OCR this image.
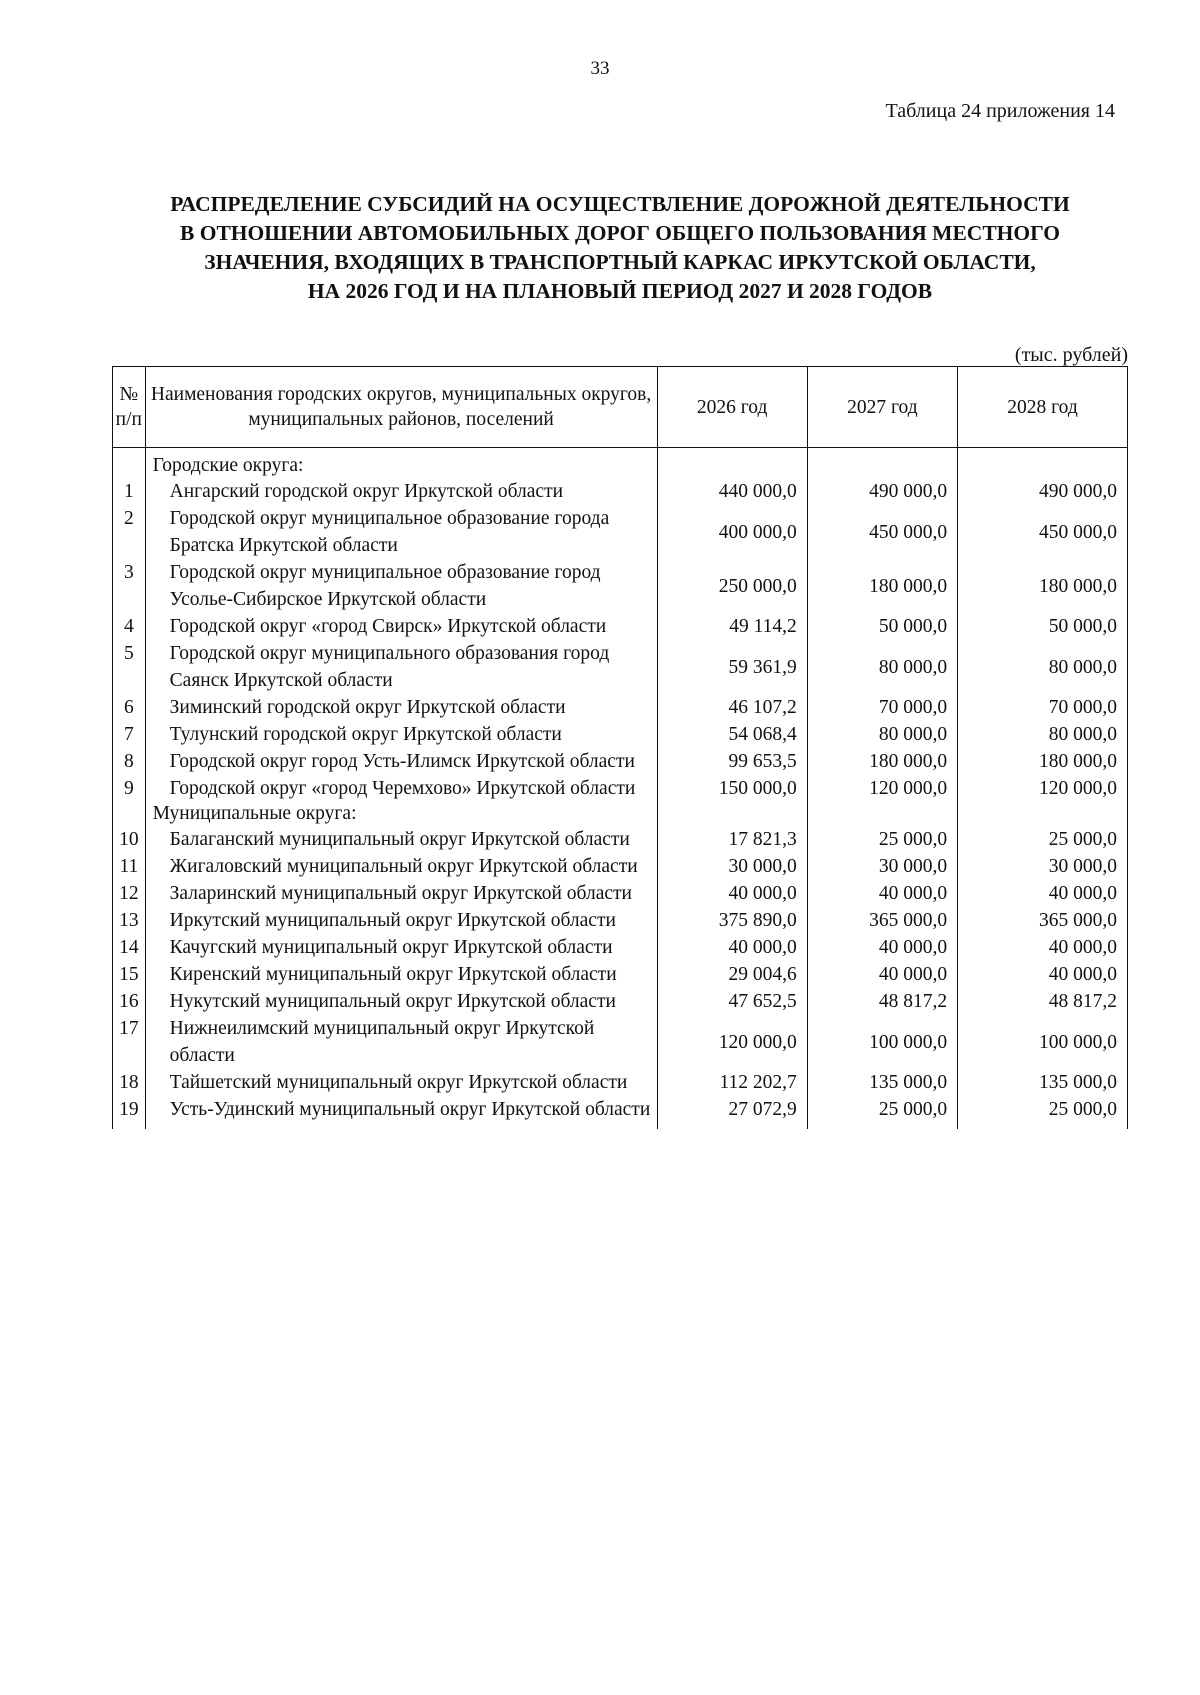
33
Таблица 24 приложения 14
РАСПРЕДЕЛЕНИЕ СУБСИДИЙ НА ОСУЩЕСТВЛЕНИЕ ДОРОЖНОЙ ДЕЯТЕЛЬНОСТИ
В ОТНОШЕНИИ АВТОМОБИЛЬНЫХ ДОРОГ ОБЩЕГО ПОЛЬЗОВАНИЯ МЕСТНОГО
ЗНАЧЕНИЯ, ВХОДЯЩИХ В ТРАНСПОРТНЫЙ КАРКАС ИРКУТСКОЙ ОБЛАСТИ,
НА 2026 ГОД И НА ПЛАНОВЫЙ ПЕРИОД 2027 И 2028 ГОДОВ
(тыс. рублей)
№ п/п	Наименования городских округов, муниципальных округов, муниципальных районов, поселений	2026 год	2027 год	2028 год
	Городские округа:			
1	Ангарский городской округ Иркутской области	440 000,0	490 000,0	490 000,0
2	Городской округ муниципальное образование города Братска Иркутской области	400 000,0	450 000,0	450 000,0
3	Городской округ муниципальное образование город Усолье-Сибирское Иркутской области	250 000,0	180 000,0	180 000,0
4	Городской округ «город Свирск» Иркутской области	49 114,2	50 000,0	50 000,0
5	Городской округ муниципального образования город Саянск Иркутской области	59 361,9	80 000,0	80 000,0
6	Зиминский городской округ Иркутской области	46 107,2	70 000,0	70 000,0
7	Тулунский городской округ Иркутской области	54 068,4	80 000,0	80 000,0
8	Городской округ город Усть-Илимск Иркутской области	99 653,5	180 000,0	180 000,0
9	Городской округ «город Черемхово» Иркутской области	150 000,0	120 000,0	120 000,0
	Муниципальные округа:			
10	Балаганский муниципальный округ Иркутской области	17 821,3	25 000,0	25 000,0
11	Жигаловский муниципальный округ Иркутской области	30 000,0	30 000,0	30 000,0
12	Заларинский муниципальный округ Иркутской области	40 000,0	40 000,0	40 000,0
13	Иркутский муниципальный округ Иркутской области	375 890,0	365 000,0	365 000,0
14	Качугский муниципальный округ Иркутской области	40 000,0	40 000,0	40 000,0
15	Киренский муниципальный округ Иркутской области	29 004,6	40 000,0	40 000,0
16	Нукутский муниципальный округ Иркутской области	47 652,5	48 817,2	48 817,2
17	Нижнеилимский муниципальный округ Иркутской области	120 000,0	100 000,0	100 000,0
18	Тайшетский муниципальный округ Иркутской области	112 202,7	135 000,0	135 000,0
19	Усть-Удинский муниципальный округ Иркутской области	27 072,9	25 000,0	25 000,0
